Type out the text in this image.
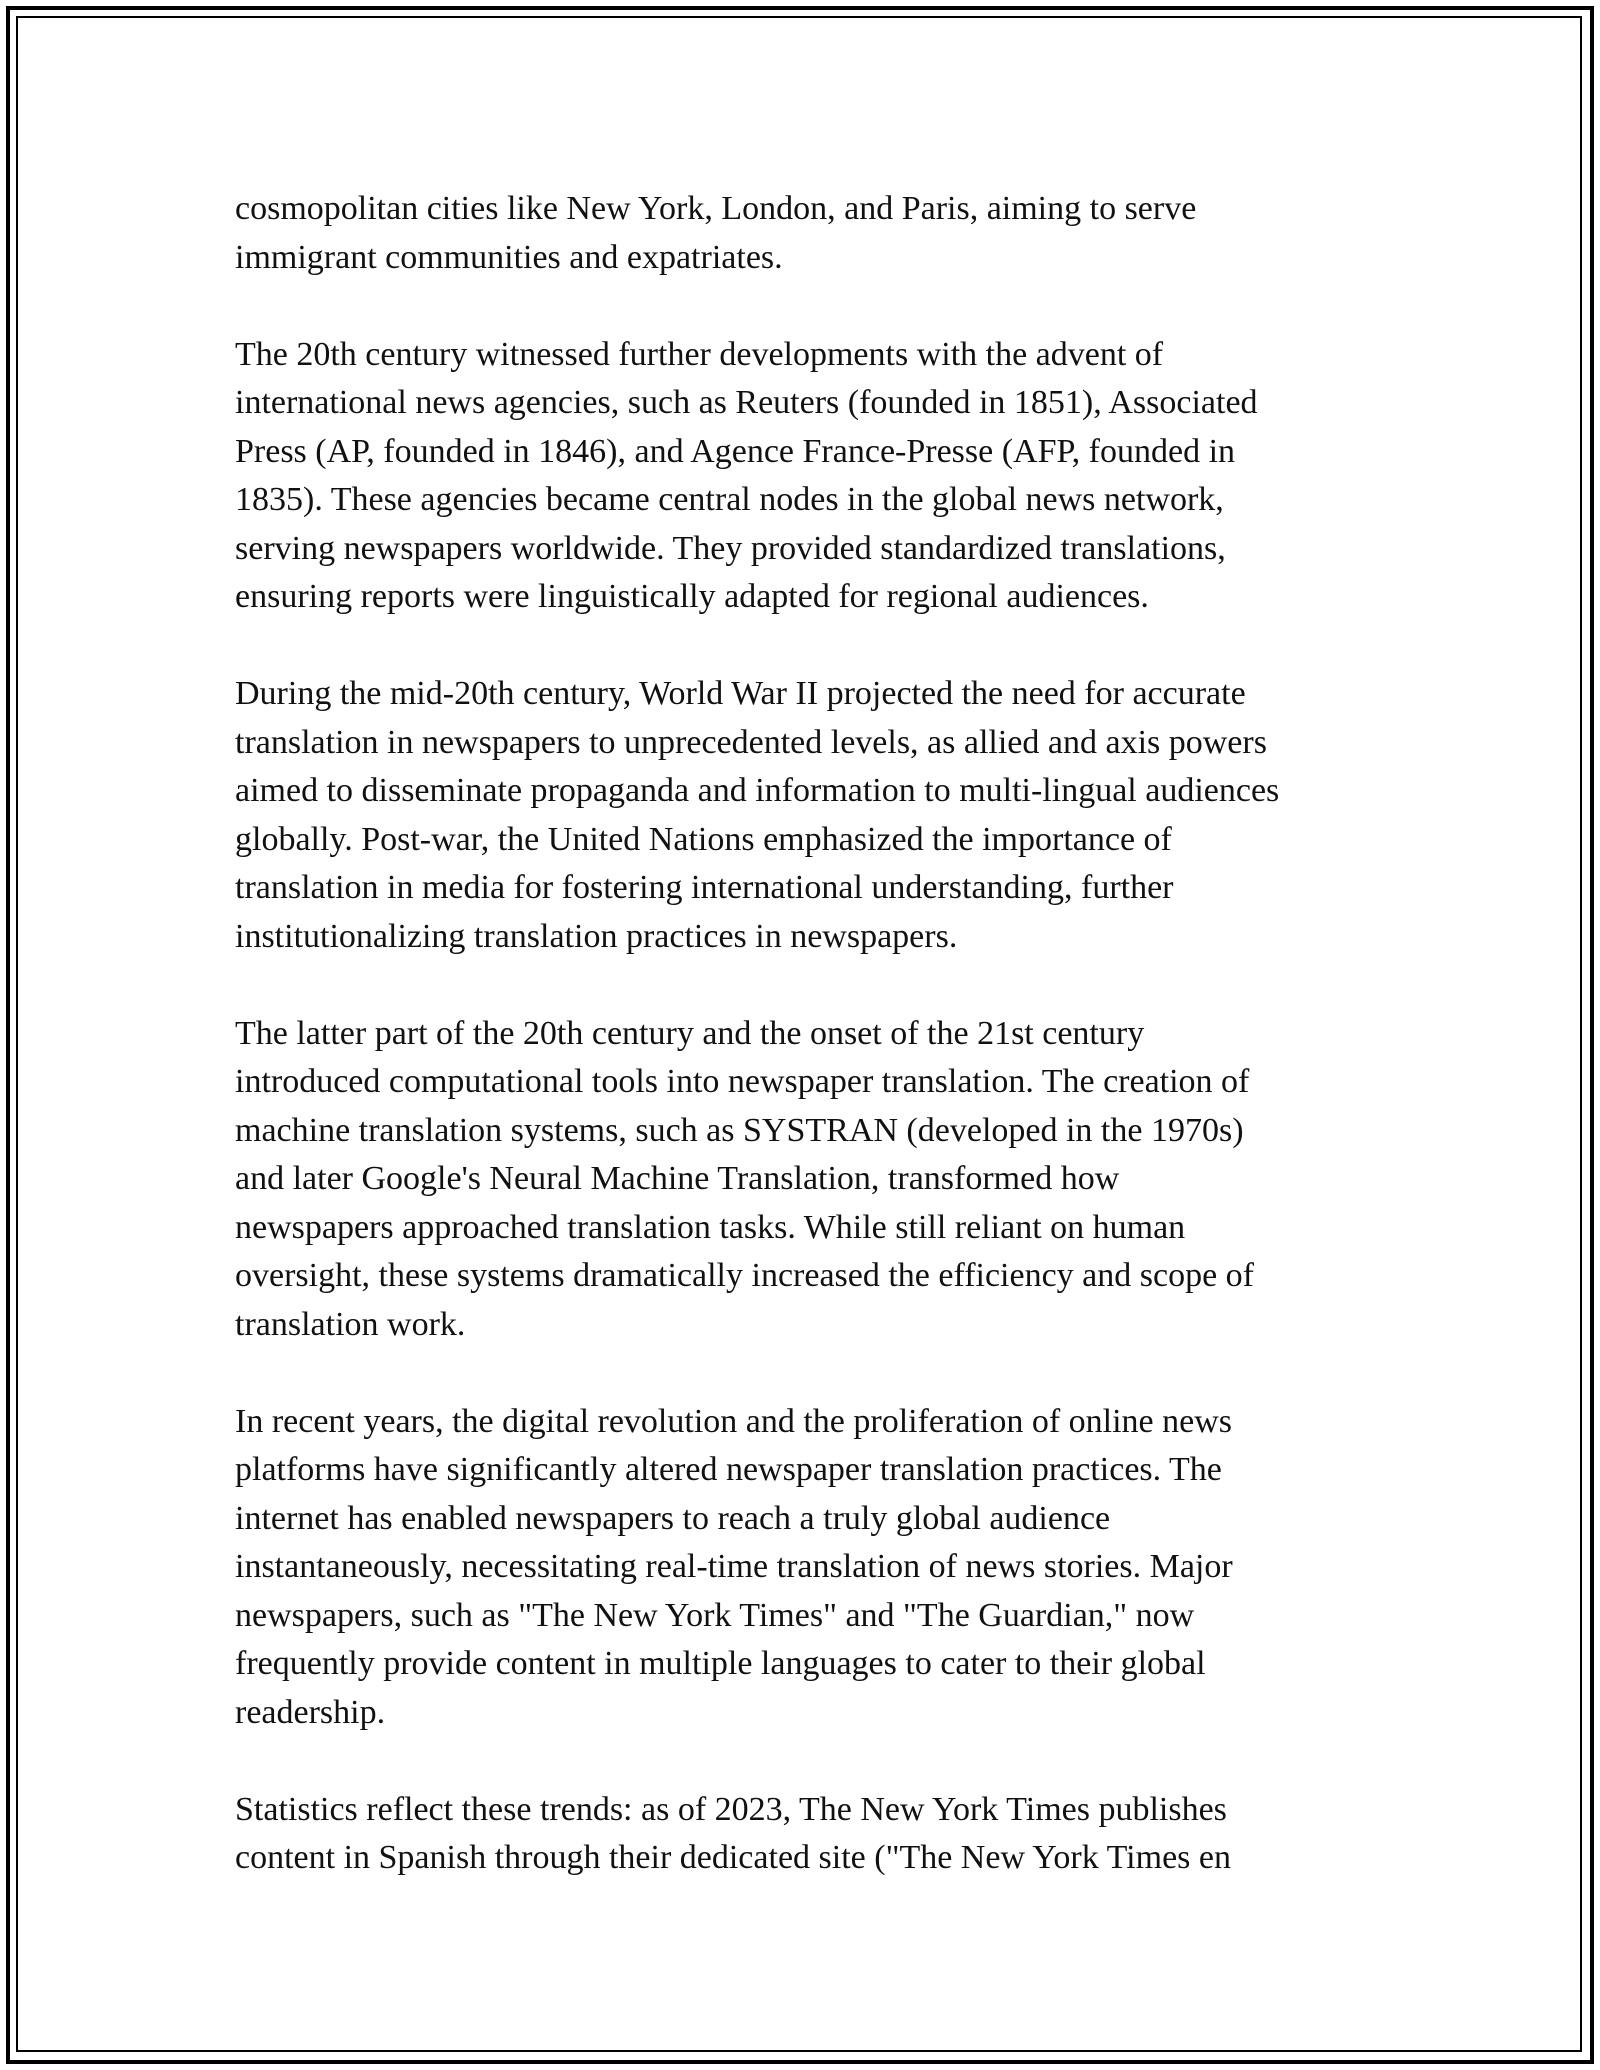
cosmopolitan cities like New York, London, and Paris, aiming to serve
immigrant communities and expatriates.

The 20th century witnessed further developments with the advent of
international news agencies, such as Reuters (founded in 1851), Associated
Press (AP, founded in 1846), and Agence France-Presse (AFP, founded in
1835). These agencies became central nodes in the global news network,
serving newspapers worldwide. They provided standardized translations,
ensuring reports were linguistically adapted for regional audiences.

During the mid-20th century, World War II projected the need for accurate
translation in newspapers to unprecedented levels, as allied and axis powers
aimed to disseminate propaganda and information to multi-lingual audiences
globally. Post-war, the United Nations emphasized the importance of
translation in media for fostering international understanding, further
institutionalizing translation practices in newspapers.

The latter part of the 20th century and the onset of the 21st century
introduced computational tools into newspaper translation. The creation of
machine translation systems, such as SYSTRAN (developed in the 1970s)
and later Google's Neural Machine Translation, transformed how
newspapers approached translation tasks. While still reliant on human
oversight, these systems dramatically increased the efficiency and scope of
translation work.

In recent years, the digital revolution and the proliferation of online news
platforms have significantly altered newspaper translation practices. The
internet has enabled newspapers to reach a truly global audience
instantaneously, necessitating real-time translation of news stories. Major
newspapers, such as "The New York Times" and "The Guardian," now
frequently provide content in multiple languages to cater to their global
readership.

Statistics reflect these trends: as of 2023, The New York Times publishes
content in Spanish through their dedicated site ("The New York Times en
